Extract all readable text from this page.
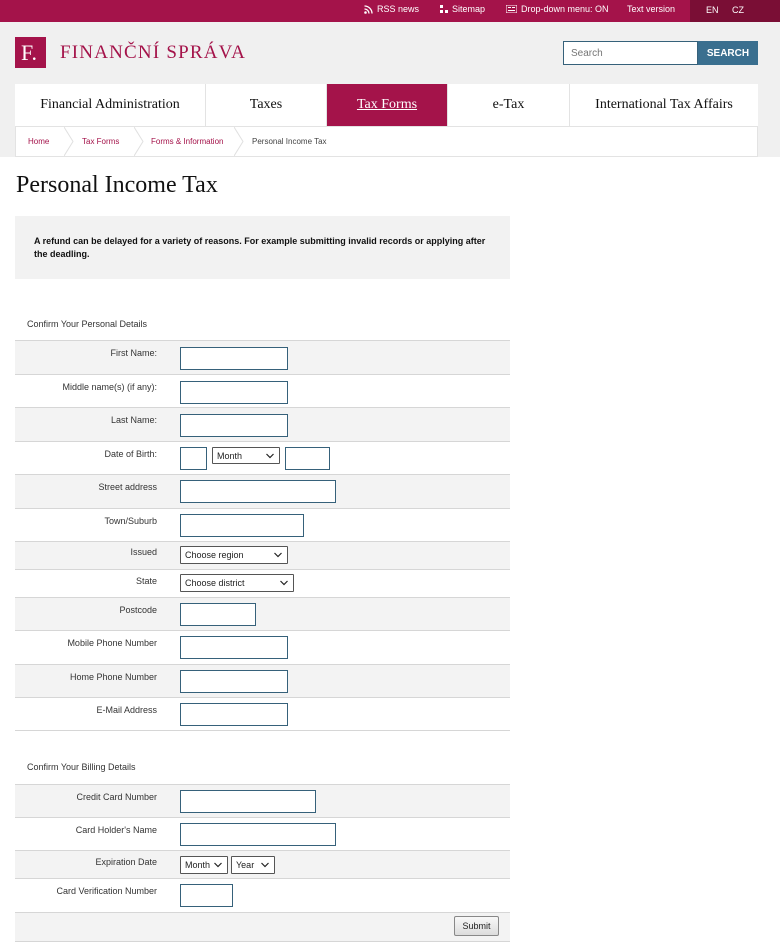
RSS news	Sitemap	Drop-down menu: ON Text version	EN CZ
F.	FINANČNÍ SPRÁVA
Search	SEARCH
Financial Administration	Taxes	Tax Forms	e-Tax	International Tax Affairs
Home	Tax Forms	Forms & Information	Personal Income Tax
Personal Income Tax
A refund can be delayed for a variety of reasons. For example submitting invalid records or applying after the deadling.
Confirm Your Personal Details
First Name:
Middle name(s) (if any):
Last Name:
Date of Birth:	Month
Street address
Town/Suburb
Issued	Choose region
State	Choose district
Postcode
Mobile Phone Number
Home Phone Number
E-Mail Address
Confirm Your Billing Details
Credit Card Number
Card Holder's Name
Expiration Date	Month	Year
Card Verification Number
Submit
